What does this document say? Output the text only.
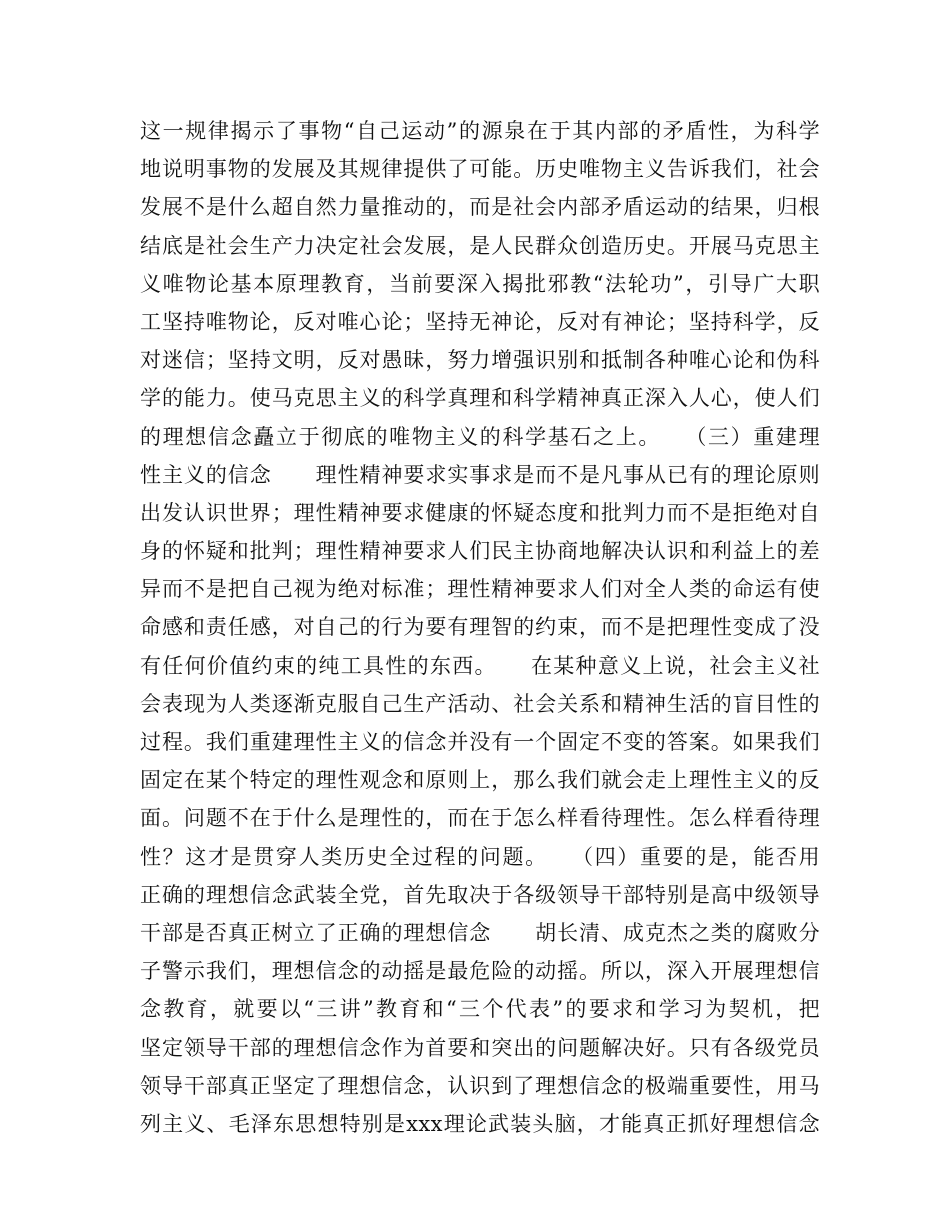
这一规律揭示了事物“自己运动”的源泉在于其内部的矛盾性，为科学
地说明事物的发展及其规律提供了可能。历史唯物主义告诉我们，社会
发展不是什么超自然力量推动的，而是社会内部矛盾运动的结果，归根
结底是社会生产力决定社会发展，是人民群众创造历史。开展马克思主
义唯物论基本原理教育，当前要深入揭批邪教“法轮功”，引导广大职
工坚持唯物论，反对唯心论；坚持无神论，反对有神论；坚持科学，反
对迷信；坚持文明，反对愚昧，努力增强识别和抵制各种唯心论和伪科
学的能力。使马克思主义的科学真理和科学精神真正深入人心，使人们
的理想信念矗立于彻底的唯物主义的科学基石之上。　　（三）重建理
性主义的信念　　理性精神要求实事求是而不是凡事从已有的理论原则
出发认识世界；理性精神要求健康的怀疑态度和批判力而不是拒绝对自
身的怀疑和批判；理性精神要求人们民主协商地解决认识和利益上的差
异而不是把自己视为绝对标准；理性精神要求人们对全人类的命运有使
命感和责任感，对自己的行为要有理智的约束，而不是把理性变成了没
有任何价值约束的纯工具性的东西。　　在某种意义上说，社会主义社
会表现为人类逐渐克服自己生产活动、社会关系和精神生活的盲目性的
过程。我们重建理性主义的信念并没有一个固定不变的答案。如果我们
固定在某个特定的理性观念和原则上，那么我们就会走上理性主义的反
面。问题不在于什么是理性的，而在于怎么样看待理性。怎么样看待理
性？这才是贯穿人类历史全过程的问题。　　（四）重要的是，能否用
正确的理想信念武装全党，首先取决于各级领导干部特别是高中级领导
干部是否真正树立了正确的理想信念　　胡长清、成克杰之类的腐败分
子警示我们，理想信念的动摇是最危险的动摇。所以，深入开展理想信
念教育，就要以“三讲”教育和“三个代表”的要求和学习为契机，把
坚定领导干部的理想信念作为首要和突出的问题解决好。只有各级党员
领导干部真正坚定了理想信念，认识到了理想信念的极端重要性，用马
列主义、毛泽东思想特别是xxx理论武装头脑，才能真正抓好理想信念
